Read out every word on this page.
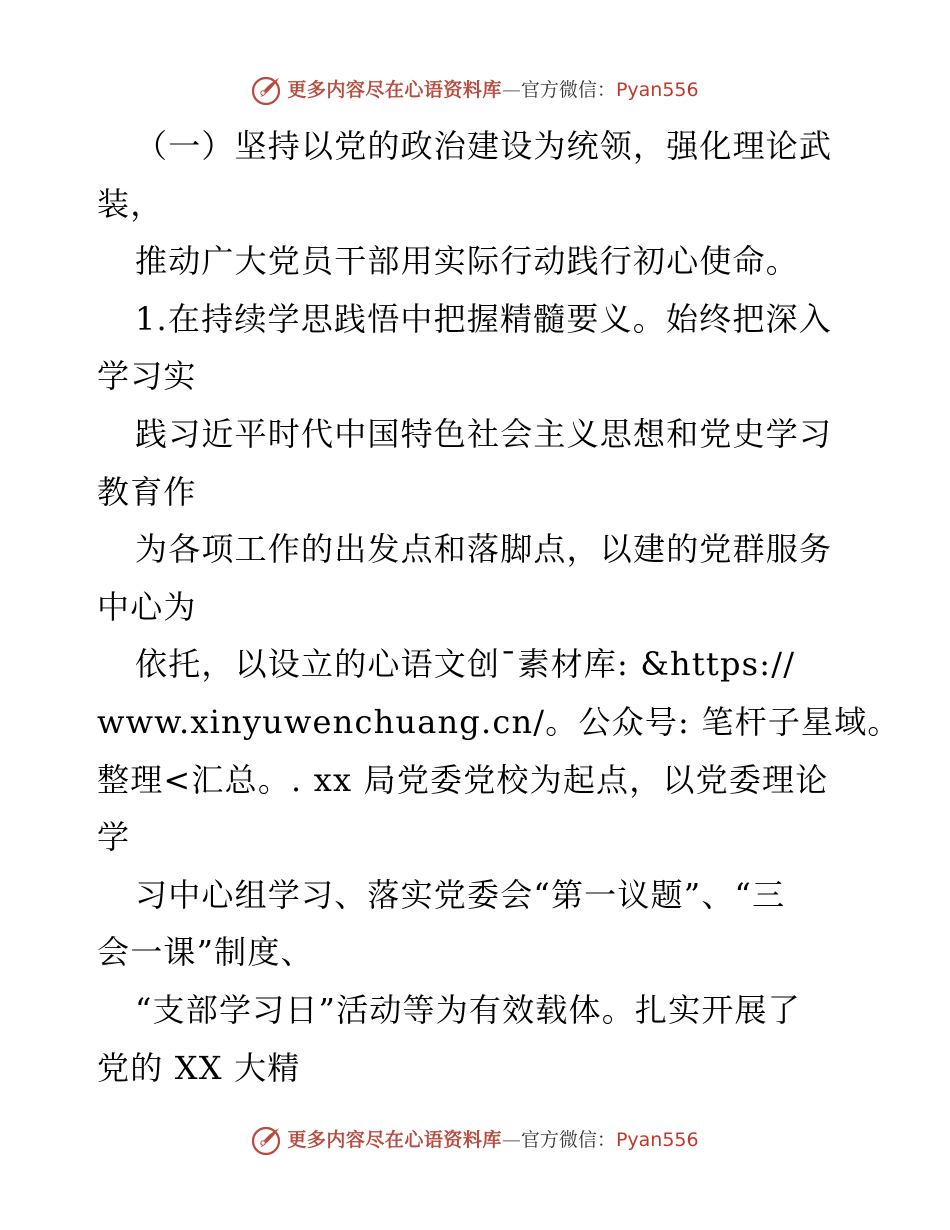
更多内容尽在心语资料库 — 官方微信： Pyan556
（一）坚持以党的政治建设为统领，强化理论武
装，
推动广大党员干部用实际行动践行初心使命。
1.在持续学思践悟中把握精髓要义。始终把深入
学习实
践习近平时代中国特色社会主义思想和党史学习
教育作
为各项工作的出发点和落脚点，以建的党群服务
中心为
依托，以设立的心语文创¯素材库: &https://
www.xinyuwenchuang.cn/。公众号: 笔杆子星域。
整理<汇总。. xx 局党委党校为起点，以党委理论
学
习中心组学习、落实党委会“第一议题”、“三
会一课”制度、
“支部学习日”活动等为有效载体。扎实开展了
党的 XX 大精
更多内容尽在心语资料库 — 官方微信： Pyan556
